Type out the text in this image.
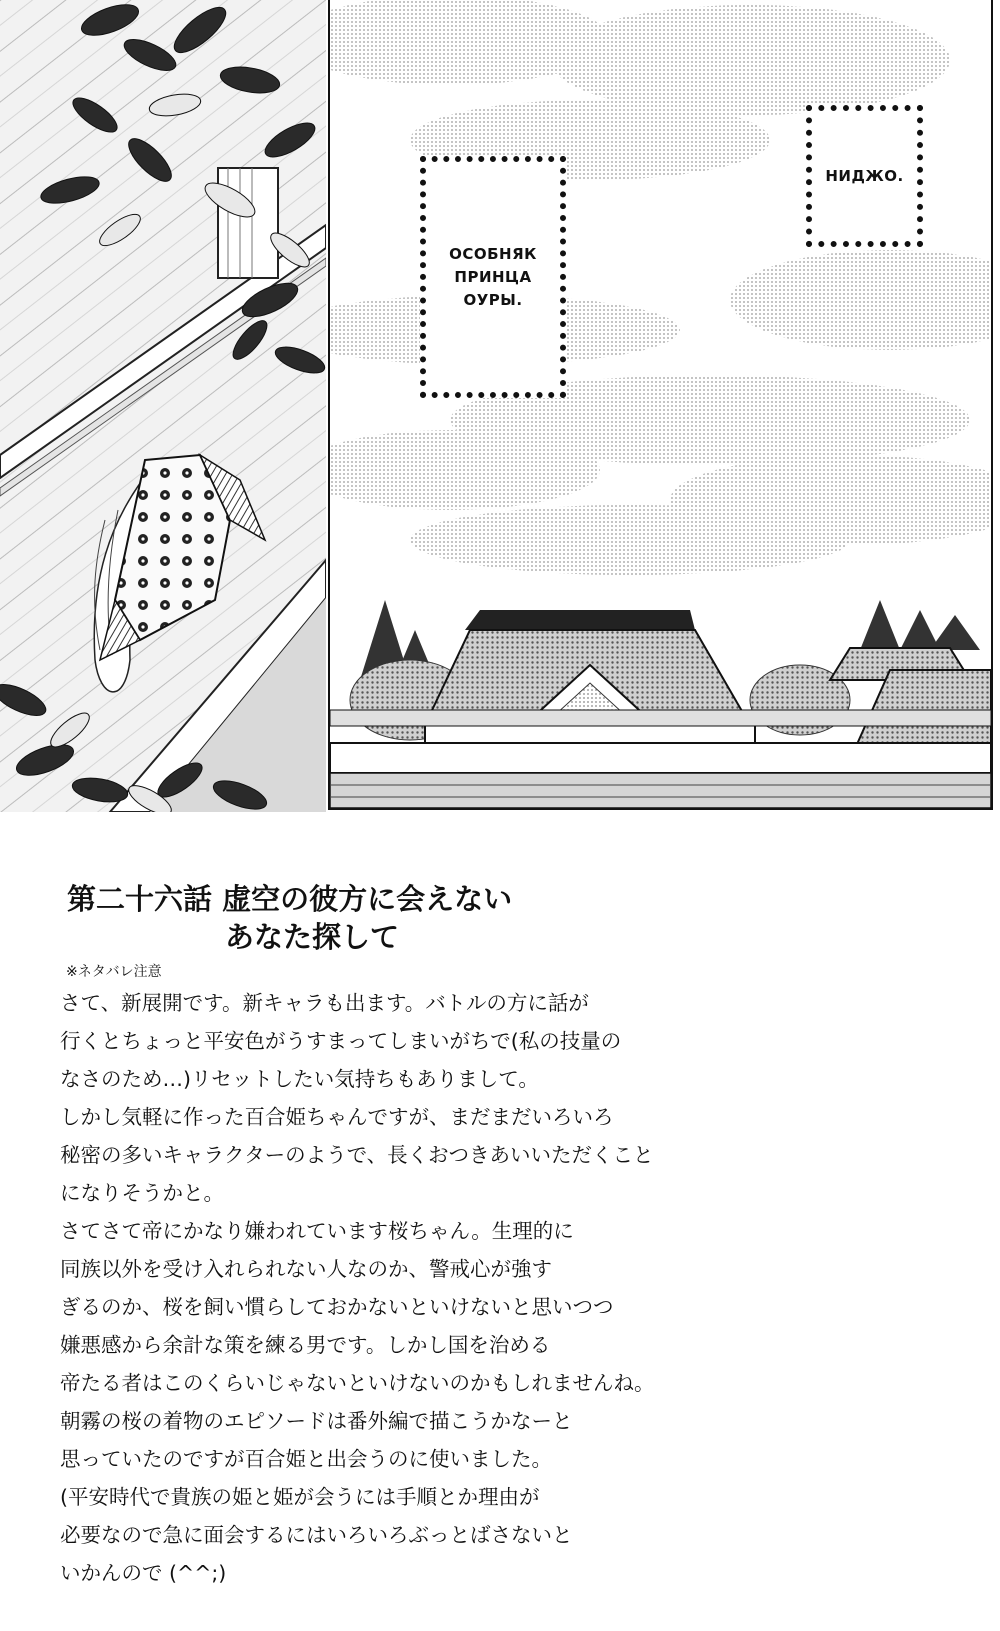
НИДЖО.
ОСОБНЯК
ПРИНЦА
ОУРЫ.
第二十六話 虚空の彼方に会えない
あなた探して
※ネタバレ注意

さて、新展開です。新キャラも出ます。バトルの方に話が
行くとちょっと平安色がうすまってしまいがちで(私の技量の
なさのため…)リセットしたい気持ちもありまして。
しかし気軽に作った百合姫ちゃんですが、まだまだいろいろ
秘密の多いキャラクターのようで、長くおつきあいいただくこと
になりそうかと。
さてさて帝にかなり嫌われています桜ちゃん。生理的に
同族以外を受け入れられない人なのか、警戒心が強す
ぎるのか、桜を飼い慣らしておかないといけないと思いつつ
嫌悪感から余計な策を練る男です。しかし国を治める
帝たる者はこのくらいじゃないといけないのかもしれませんね。
朝霧の桜の着物のエピソードは番外編で描こうかなーと
思っていたのですが百合姫と出会うのに使いました。
(平安時代で貴族の姫と姫が会うには手順とか理由が
必要なので急に面会するにはいろいろぶっとばさないと
いかんので (^^;)
